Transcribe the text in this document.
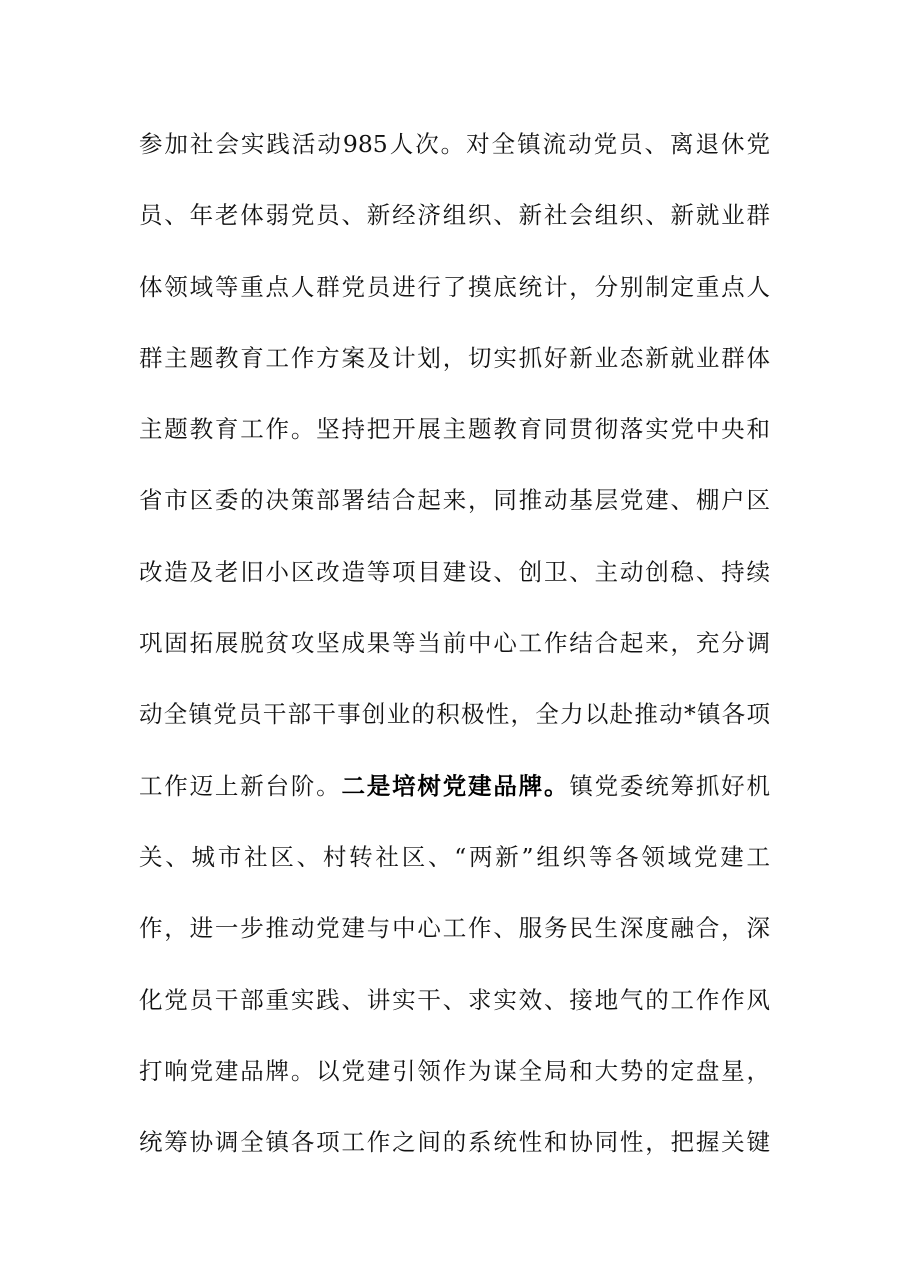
参加社会实践活动985人次。对全镇流动党员、离退休党
员、年老体弱党员、新经济组织、新社会组织、新就业群
体领域等重点人群党员进行了摸底统计，分别制定重点人
群主题教育工作方案及计划，切实抓好新业态新就业群体
主题教育工作。坚持把开展主题教育同贯彻落实党中央和
省市区委的决策部署结合起来，同推动基层党建、棚户区
改造及老旧小区改造等项目建设、创卫、主动创稳、持续
巩固拓展脱贫攻坚成果等当前中心工作结合起来，充分调
动全镇党员干部干事创业的积极性，全力以赴推动*镇各项
工作迈上新台阶。二是培树党建品牌。镇党委统筹抓好机
关、城市社区、村转社区、“两新”组织等各领域党建工
作，进一步推动党建与中心工作、服务民生深度融合，深
化党员干部重实践、讲实干、求实效、接地气的工作作风
打响党建品牌。以党建引领作为谋全局和大势的定盘星，
统筹协调全镇各项工作之间的系统性和协同性，把握关键
